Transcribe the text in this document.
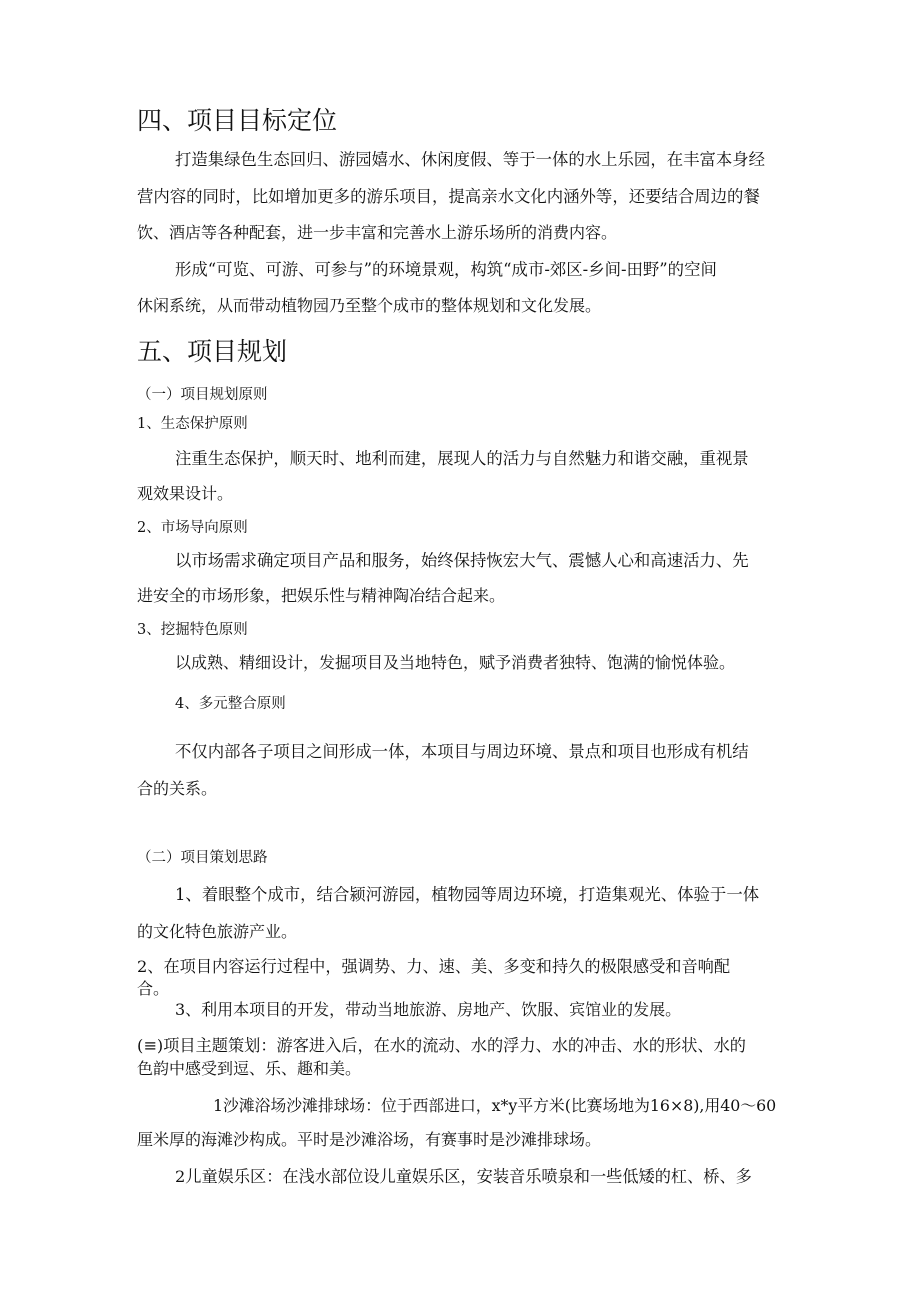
四、项目目标定位
打造集绿色生态回归、游园嬉水、休闲度假、等于一体的水上乐园，在丰富本身经
营内容的同时，比如增加更多的游乐项目，提高亲水文化内涵外等，还要结合周边的餐
饮、酒店等各种配套，进一步丰富和完善水上游乐场所的消费内容。
形成“可览、可游、可参与”的环境景观，构筑“成市-郊区-乡间-田野”的空间
休闲系统，从而带动植物园乃至整个成市的整体规划和文化发展。
五、项目规划
（一）项目规划原则
1、生态保护原则
注重生态保护，顺天时、地利而建，展现人的活力与自然魅力和谐交融，重视景
观效果设计。
2、市场导向原则
以市场需求确定项目产品和服务，始终保持恢宏大气、震憾人心和高速活力、先
进安全的市场形象，把娱乐性与精神陶冶结合起来。
3、挖掘特色原则
以成熟、精细设计，发掘项目及当地特色，赋予消费者独特、饱满的愉悦体验。
4、多元整合原则
不仅内部各子项目之间形成一体，本项目与周边环境、景点和项目也形成有机结
合的关系。
（二）项目策划思路
1、着眼整个成市，结合颍河游园，植物园等周边环境，打造集观光、体验于一体
的文化特色旅游产业。
2、在项目内容运行过程中，强调势、力、速、美、多变和持久的极限感受和音响配
合。
3、利用本项目的开发，带动当地旅游、房地产、饮服、宾馆业的发展。
(≡)项目主题策划：游客进入后，在水的流动、水的浮力、水的冲击、水的形状、水的
色韵中感受到逗、乐、趣和美。
1沙滩浴场沙滩排球场：位于西部进口，x*y平方米(比赛场地为16×8),用40～60
厘米厚的海滩沙构成。平时是沙滩浴场，有赛事时是沙滩排球场。
2儿童娱乐区：在浅水部位设儿童娱乐区，安装音乐喷泉和一些低矮的杠、桥、多
